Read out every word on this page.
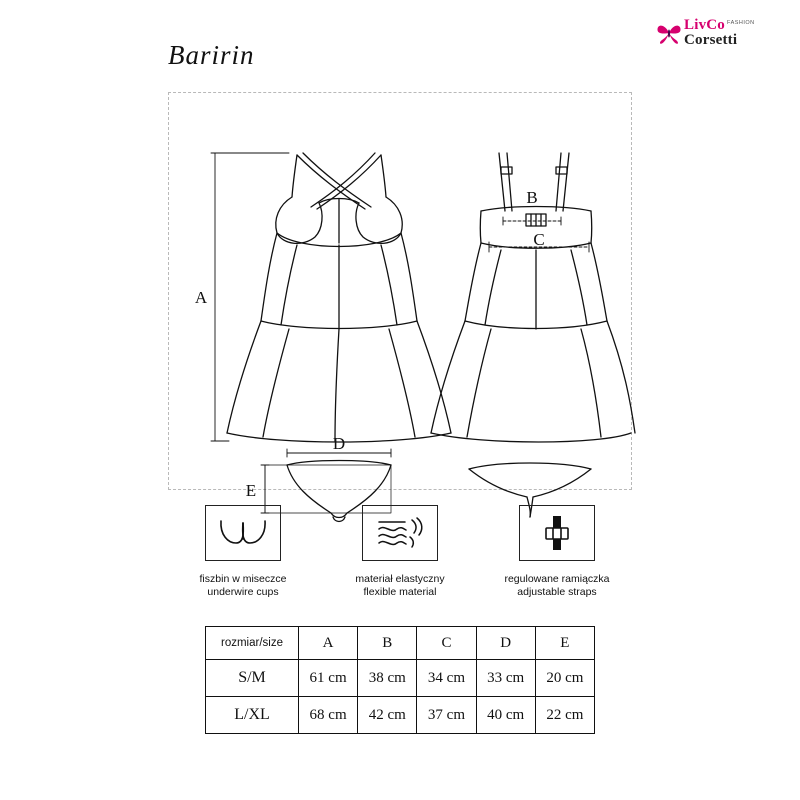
LivCo $^{FASHION}$
Corsetti
Baririn
A
B
C
D
E
fiszbin w miseczce
underwire cups
materiał elastyczny
flexible material
regulowane ramiączka
adjustable straps
rozmiar/size	A	B	C	D	E
S/M	61 cm	38 cm	34 cm	33 cm	20 cm
L/XL	68 cm	42 cm	37 cm	40 cm	22 cm
